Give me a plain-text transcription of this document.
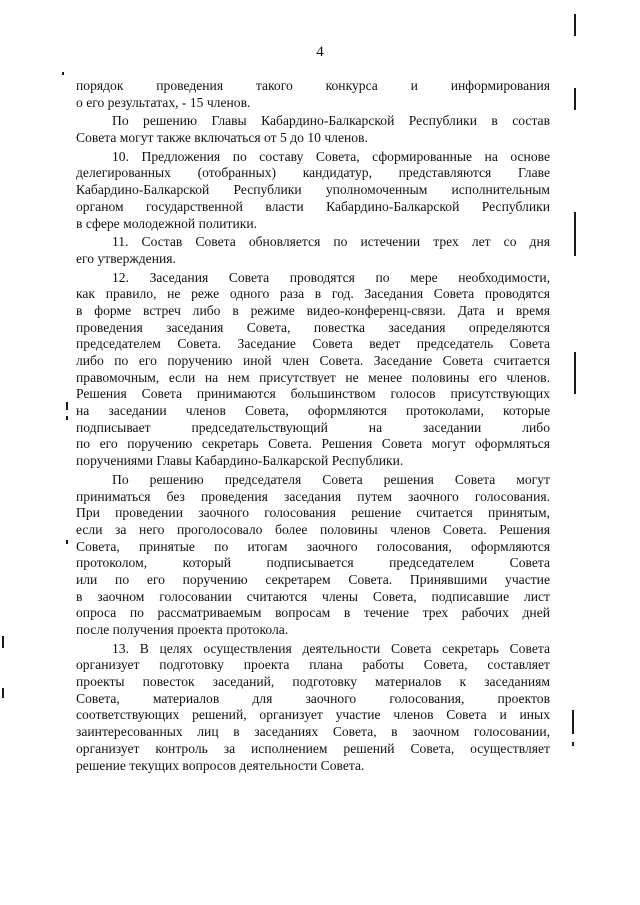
4
порядок проведения такого конкурса и информирования
о его результатах, - 15 членов.
По решению Главы Кабардино-Балкарской Республики в состав
Совета могут также включаться от 5 до 10 членов.
10. Предложения по составу Совета, сформированные на основе
делегированных (отобранных) кандидатур, представляются Главе
Кабардино-Балкарской Республики уполномоченным исполнительным
органом государственной власти Кабардино-Балкарской Республики
в сфере молодежной политики.
11. Состав Совета обновляется по истечении трех лет со дня
его утверждения.
12. Заседания Совета проводятся по мере необходимости,
как правило, не реже одного раза в год. Заседания Совета проводятся
в форме встреч либо в режиме видео-конференц-связи. Дата и время
проведения заседания Совета, повестка заседания определяются
председателем Совета. Заседание Совета ведет председатель Совета
либо по его поручению иной член Совета. Заседание Совета считается
правомочным, если на нем присутствует не менее половины его членов.
Решения Совета принимаются большинством голосов присутствующих
на заседании членов Совета, оформляются протоколами, которые
подписывает председательствующий на заседании либо
по его поручению секретарь Совета. Решения Совета могут оформляться
поручениями Главы Кабардино-Балкарской Республики.
По решению председателя Совета решения Совета могут
приниматься без проведения заседания путем заочного голосования.
При проведении заочного голосования решение считается принятым,
если за него проголосовало более половины членов Совета. Решения
Совета, принятые по итогам заочного голосования, оформляются
протоколом, который подписывается председателем Совета
или по его поручению секретарем Совета. Принявшими участие
в заочном голосовании считаются члены Совета, подписавшие лист
опроса по рассматриваемым вопросам в течение трех рабочих дней
после получения проекта протокола.
13. В целях осуществления деятельности Совета секретарь Совета
организует подготовку проекта плана работы Совета, составляет
проекты повесток заседаний, подготовку материалов к заседаниям
Совета, материалов для заочного голосования, проектов
соответствующих решений, организует участие членов Совета и иных
заинтересованных лиц в заседаниях Совета, в заочном голосовании,
организует контроль за исполнением решений Совета, осуществляет
решение текущих вопросов деятельности Совета.
